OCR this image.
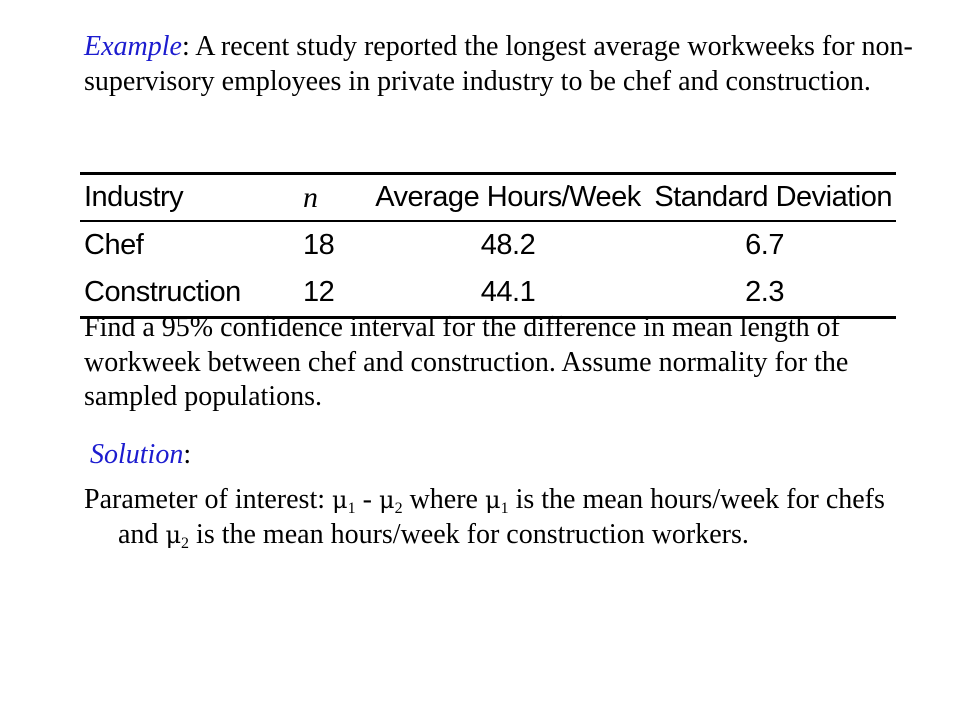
Example: A recent study reported the longest average workweeks for non-supervisory employees in private industry to be chef and construction.

Industry	n	Average Hours/Week	Standard Deviation

Chef	18	48.2	6.7
Construction	12	44.1	2.3

Find a 95% confidence interval for the difference in mean length of workweek between chef and construction. Assume normality for the sampled populations.

Solution:

Parameter of interest: $\mu_1 - \mu_2$ where $\mu_1$ is the mean hours/week for chefs and $\mu_2$ is the mean hours/week for construction workers.
